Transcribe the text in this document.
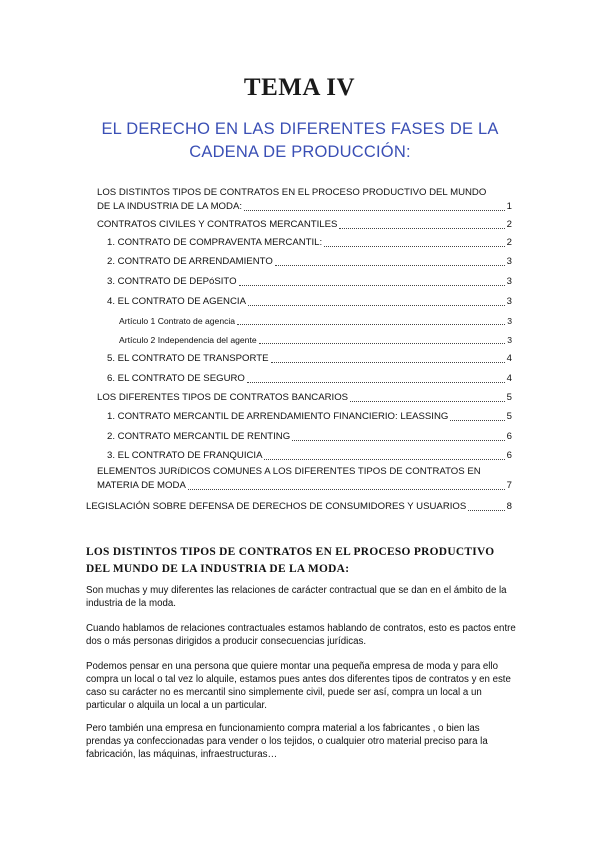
TEMA IV
EL DERECHO EN LAS DIFERENTES FASES DE LA CADENA DE PRODUCCIÓN:
LOS DISTINTOS TIPOS DE CONTRATOS EN EL PROCESO PRODUCTIVO DEL MUNDO
DE LA INDUSTRIA DE LA MODA:	1
CONTRATOS CIVILES Y CONTRATOS MERCANTILES	2
1. CONTRATO DE COMPRAVENTA MERCANTIL:	2
2. CONTRATO DE ARRENDAMIENTO	3
3. CONTRATO DE DEPóSITO	3
4. EL CONTRATO DE AGENCIA	3
Artículo 1 Contrato de agencia	3
Artículo 2 Independencia del agente	3
5. EL CONTRATO DE TRANSPORTE	4
6. EL CONTRATO DE SEGURO	4
LOS DIFERENTES TIPOS DE CONTRATOS BANCARIOS	5
1. CONTRATO MERCANTIL DE ARRENDAMIENTO FINANCIERIO: LEASSING	5
2. CONTRATO MERCANTIL DE RENTING	6
3. EL CONTRATO DE FRANQUICIA	6
ELEMENTOS JURíDICOS COMUNES A LOS DIFERENTES TIPOS DE CONTRATOS EN
MATERIA DE MODA	7
LEGISLACIÓN SOBRE DEFENSA DE DERECHOS DE CONSUMIDORES Y USUARIOS	8
LOS DISTINTOS TIPOS DE CONTRATOS EN EL PROCESO PRODUCTIVO DEL MUNDO DE LA INDUSTRIA DE LA MODA:
Son muchas y muy diferentes las relaciones de carácter contractual que se dan en el ámbito de la industria de la moda.
Cuando hablamos de relaciones contractuales estamos hablando de contratos, esto es pactos entre dos o más personas dirigidos a producir consecuencias jurídicas.
Podemos pensar en una persona que quiere montar una pequeña empresa de moda y para ello compra un local o tal vez lo alquile, estamos pues antes dos diferentes tipos de contratos y en este caso su carácter no es mercantil sino simplemente civil, puede ser así, compra un local a un particular o alquila un local a un particular.
Pero también una empresa en funcionamiento compra material a los fabricantes , o bien las prendas ya confeccionadas para vender o los tejidos, o cualquier otro material preciso para la fabricación, las máquinas, infraestructuras…
